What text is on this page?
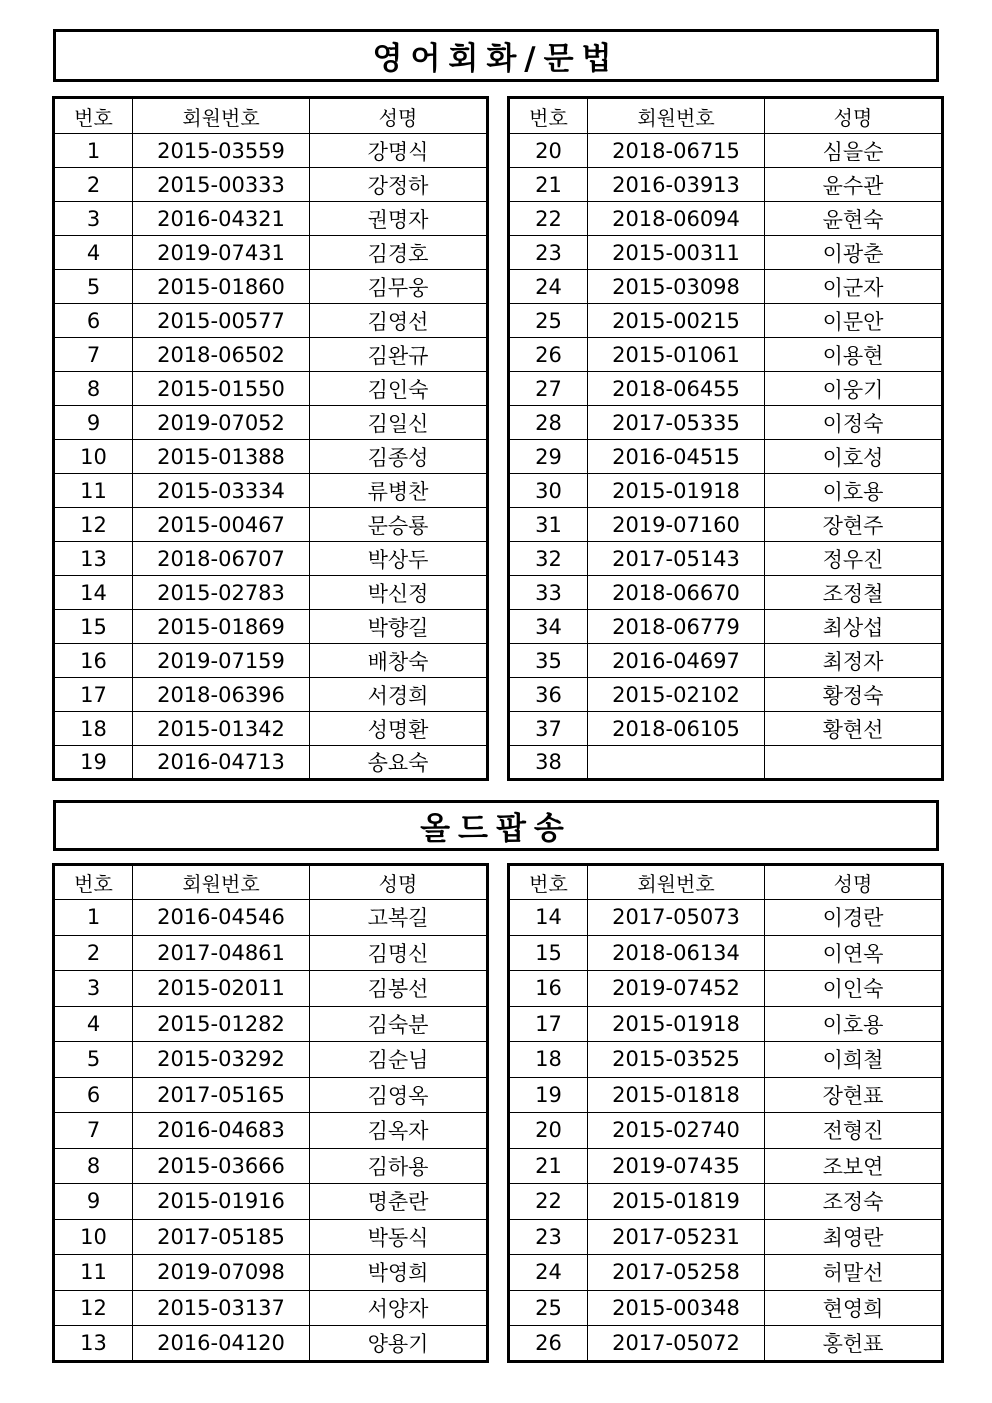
영어회화/문법
번호	회원번호	성명
1	2015-03559	강명식
2	2015-00333	강정하
3	2016-04321	권명자
4	2019-07431	김경호
5	2015-01860	김무웅
6	2015-00577	김영선
7	2018-06502	김완규
8	2015-01550	김인숙
9	2019-07052	김일신
10	2015-01388	김종성
11	2015-03334	류병찬
12	2015-00467	문승룡
13	2018-06707	박상두
14	2015-02783	박신정
15	2015-01869	박향길
16	2019-07159	배창숙
17	2018-06396	서경희
18	2015-01342	성명환
19	2016-04713	송요숙
번호	회원번호	성명
20	2018-06715	심을순
21	2016-03913	윤수관
22	2018-06094	윤현숙
23	2015-00311	이광춘
24	2015-03098	이군자
25	2015-00215	이문안
26	2015-01061	이용현
27	2018-06455	이웅기
28	2017-05335	이정숙
29	2016-04515	이호성
30	2015-01918	이호용
31	2019-07160	장현주
32	2017-05143	정우진
33	2018-06670	조정철
34	2018-06779	최상섭
35	2016-04697	최정자
36	2015-02102	황정숙
37	2018-06105	황현선
38		
올드팝송
번호	회원번호	성명
1	2016-04546	고복길
2	2017-04861	김명신
3	2015-02011	김봉선
4	2015-01282	김숙분
5	2015-03292	김순님
6	2017-05165	김영옥
7	2016-04683	김옥자
8	2015-03666	김하용
9	2015-01916	명춘란
10	2017-05185	박동식
11	2019-07098	박영희
12	2015-03137	서양자
13	2016-04120	양용기
번호	회원번호	성명
14	2017-05073	이경란
15	2018-06134	이연옥
16	2019-07452	이인숙
17	2015-01918	이호용
18	2015-03525	이희철
19	2015-01818	장현표
20	2015-02740	전형진
21	2019-07435	조보연
22	2015-01819	조정숙
23	2017-05231	최영란
24	2017-05258	허말선
25	2015-00348	현영희
26	2017-05072	홍헌표
